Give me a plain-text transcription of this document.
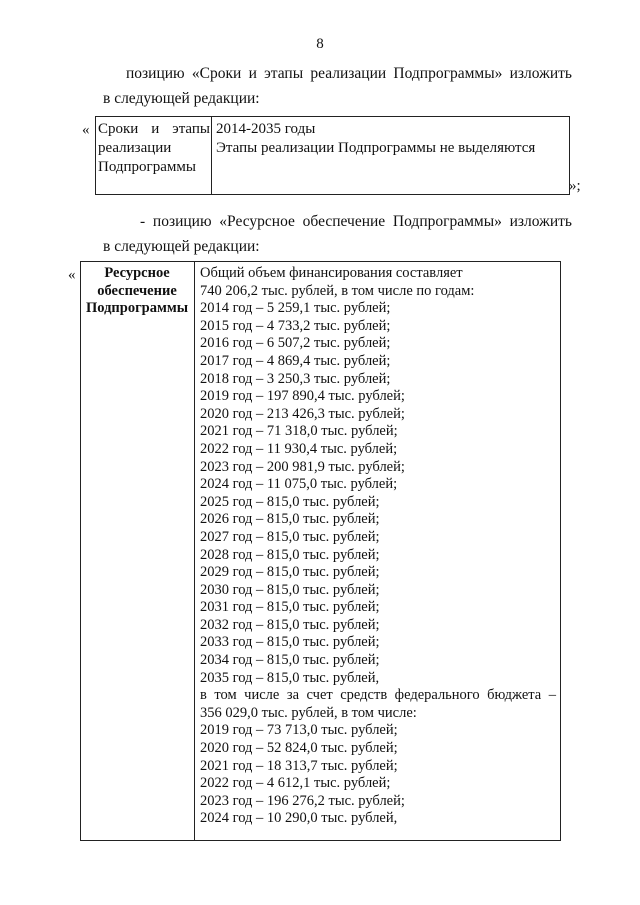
8
позицию «Сроки и этапы реализации Подпрограммы» изложить
в следующей редакции:
« Сроки и этапы
реализации
Подпрограммы
2014-2035 годы
Этапы реализации Подпрограммы не выделяются
»;
- позицию «Ресурсное обеспечение Подпрограммы» изложить
в следующей редакции:
«	Ресурсное
обеспечение
Подпрограммы
Общий объем финансирования составляет
740 206,2 тыс. рублей, в том числе по годам:
2014 год – 5 259,1 тыс. рублей;
2015 год – 4 733,2 тыс. рублей;
2016 год – 6 507,2 тыс. рублей;
2017 год – 4 869,4 тыс. рублей;
2018 год – 3 250,3 тыс. рублей;
2019 год – 197 890,4 тыс. рублей;
2020 год – 213 426,3 тыс. рублей;
2021 год – 71 318,0 тыс. рублей;
2022 год – 11 930,4 тыс. рублей;
2023 год – 200 981,9 тыс. рублей;
2024 год – 11 075,0 тыс. рублей;
2025 год – 815,0 тыс. рублей;
2026 год – 815,0 тыс. рублей;
2027 год – 815,0 тыс. рублей;
2028 год – 815,0 тыс. рублей;
2029 год – 815,0 тыс. рублей;
2030 год – 815,0 тыс. рублей;
2031 год – 815,0 тыс. рублей;
2032 год – 815,0 тыс. рублей;
2033 год – 815,0 тыс. рублей;
2034 год – 815,0 тыс. рублей;
2035 год – 815,0 тыс. рублей,
в том числе за счет средств федерального бюджета –
356 029,0 тыс. рублей, в том числе:
2019 год – 73 713,0 тыс. рублей;
2020 год – 52 824,0 тыс. рублей;
2021 год – 18 313,7 тыс. рублей;
2022 год – 4 612,1 тыс. рублей;
2023 год – 196 276,2 тыс. рублей;
2024 год – 10 290,0 тыс. рублей,
